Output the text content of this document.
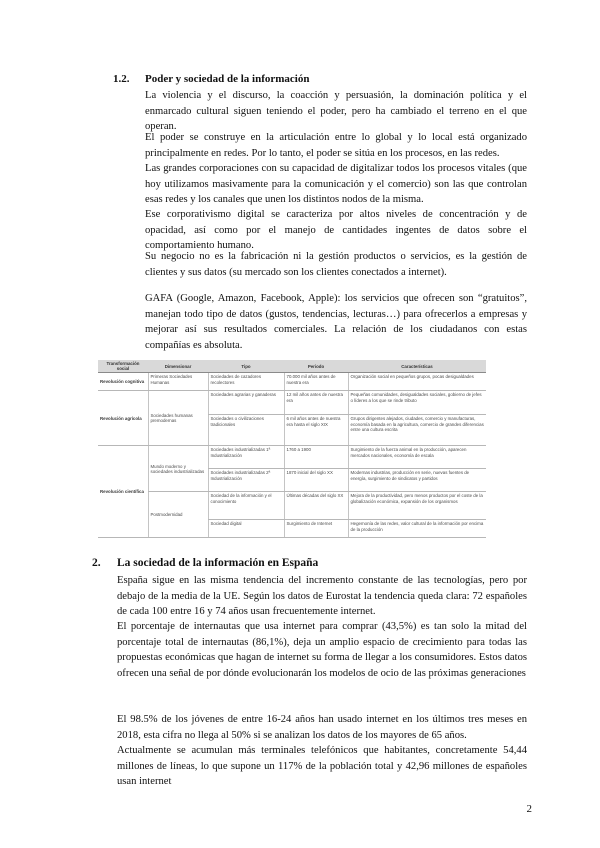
1.2. Poder y sociedad de la información

La violencia y el discurso, la coacción y persuasión, la dominación política y el enmarcado cultural siguen teniendo el poder, pero ha cambiado el terreno en el que operan.

El poder se construye en la articulación entre lo global y lo local está organizado principalmente en redes. Por lo tanto, el poder se sitúa en los procesos, en las redes.

Las grandes corporaciones con su capacidad de digitalizar todos los procesos vitales (que hoy utilizamos masivamente para la comunicación y el comercio) son las que controlan esas redes y los canales que unen los distintos nodos de la misma.

Ese corporativismo digital se caracteriza por altos niveles de concentración y de opacidad, así como por el manejo de cantidades ingentes de datos sobre el comportamiento humano.

Su negocio no es la fabricación ni la gestión productos o servicios, es la gestión de clientes y sus datos (su mercado son los clientes conectados a internet).

GAFA (Google, Amazon, Facebook, Apple): los servicios que ofrecen son “gratuitos”, manejan todo tipo de datos (gustos, tendencias, lecturas…) para ofrecerlos a empresas y mejorar así sus resultados comerciales. La relación de los ciudadanos con estas compañías es absoluta.

Transformación social	Dimensionar	Tipo	Periodo	Características
Revolución cognitiva	Primeras Sociedades Humanas	Sociedades de cazadores recolectores	70.000 mil años antes de nuestra era	Organización social en pequeños grupos, pocas desigualdades
Revolución agrícola	Sociedades humanas premodernas	Sociedades agrarias y ganaderas	12 mil años antes de nuestra era	Pequeñas comunidades, desigualdades sociales, gobierno de jefes o líderes a los que se rinde tributo
		Sociedades o civilizaciones tradicionales	6 mil años antes de nuestra era hasta el siglo XIX	Grupos dirigentes alejados, ciudades, comercio y manufacturas, economía basada en la agricultura, comercio de grandes diferencias entre una cultura escrita
Revolución científica	Mundo moderno y sociedades industrializadas	Sociedades industrializadas 1ª Industrialización	1760 a 1900	Surgimiento de la fuerza animal en la producción, aparecen mercados nacionales, economía de escala
		Sociedades industrializadas 2ª Industrialización	1870 inicial del siglo XX	Modernas industrias, producción en serie, nuevas fuentes de energía, surgimiento de sindicatos y partidos
	Postmodernidad	Sociedad de la información y el conocimiento	Últimas décadas del siglo XX	Mejora de la productividad, pero menos productos por el coste de la globalización económica, expansión de los organismos
		Sociedad digital	Surgimiento de Internet	Hegemonía de las redes, valor cultural de la información por encima de la producción
2. La sociedad de la información en España

España sigue en las misma tendencia del incremento constante de las tecnologías, pero por debajo de la media de la UE. Según los datos de Eurostat la tendencia queda clara: 72 españoles de cada 100 entre 16 y 74 años usan frecuentemente internet.

El porcentaje de internautas que usa internet para comprar (43,5%) es tan solo la mitad del porcentaje total de internautas (86,1%), deja un amplio espacio de crecimiento para todas las propuestas económicas que hagan de internet su forma de llegar a los consumidores. Estos datos ofrecen una señal de por dónde evolucionarán los modelos de ocio de las próximas generaciones

El 98.5% de los jóvenes de entre 16-24 años han usado internet en los últimos tres meses en 2018, esta cifra no llega al 50% si se analizan los datos de los mayores de 65 años.

Actualmente se acumulan más terminales telefónicos que habitantes, concretamente 54,44 millones de líneas, lo que supone un 117% de la población total y 42,96 millones de españoles usan internet

2
